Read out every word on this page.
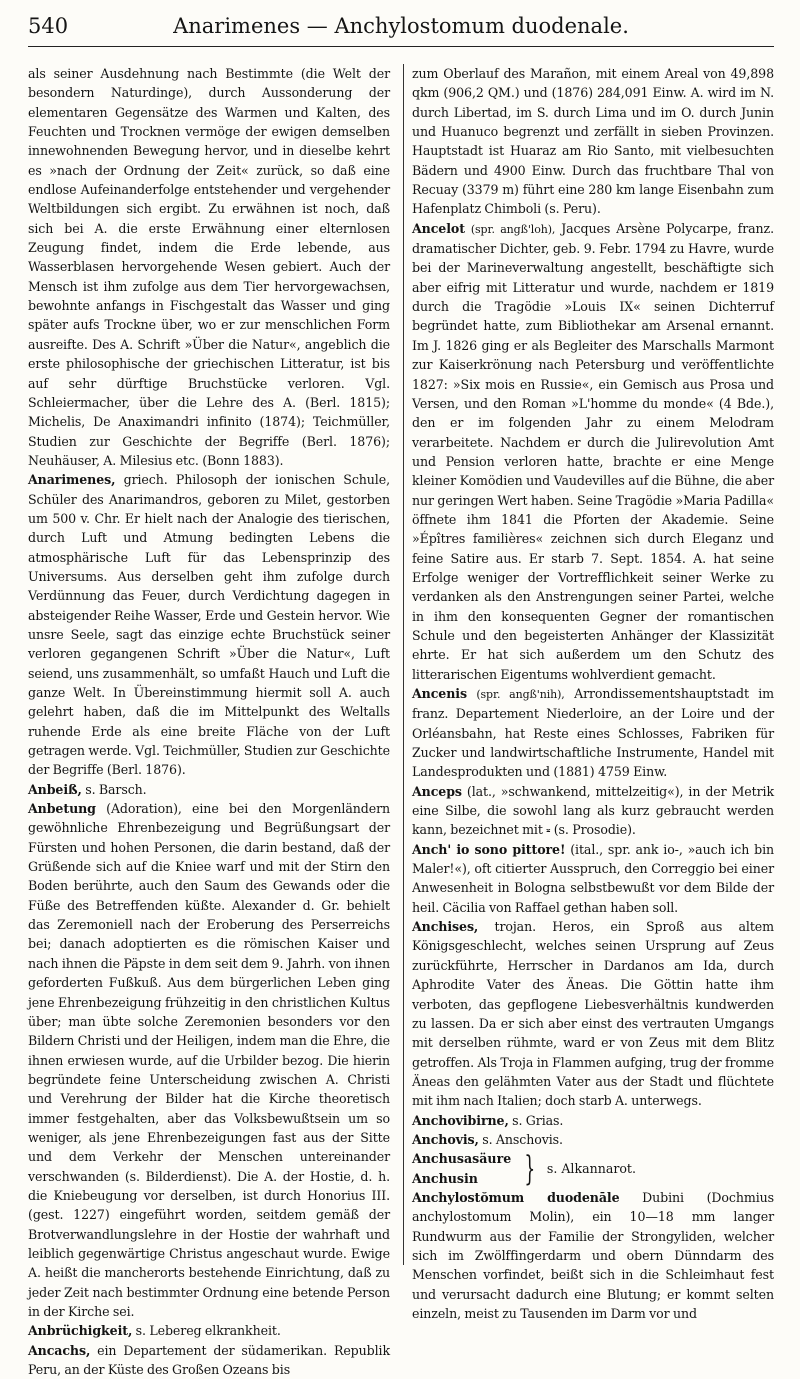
540	Anarimenes — Anchylostomum duodenale.

als seiner Ausdehnung nach Bestimmte (die Welt der besondern Naturdinge), durch Aussonderung der elementaren Gegensätze des Warmen und Kalten, des Feuchten und Trocknen vermöge der ewigen demselben innewohnenden Bewegung hervor, und in dieselbe kehrt es »nach der Ordnung der Zeit« zurück, so daß eine endlose Aufeinanderfolge entstehender und vergehender Weltbildungen sich ergibt. Zu erwähnen ist noch, daß sich bei A. die erste Erwähnung einer elternlosen Zeugung findet, indem die Erde lebende, aus Wasserblasen hervorgehende Wesen gebiert. Auch der Mensch ist ihm zufolge aus dem Tier hervorgewachsen, bewohnte anfangs in Fischgestalt das Wasser und ging später aufs Trockne über, wo er zur menschlichen Form ausreifte. Des A. Schrift »Über die Natur«, angeblich die erste philosophische der griechischen Litteratur, ist bis auf sehr dürftige Bruchstücke verloren. Vgl. Schleiermacher, über die Lehre des A. (Berl. 1815); Michelis, De Anaximandri infinito (1874); Teichmüller, Studien zur Geschichte der Begriffe (Berl. 1876); Neuhäuser, A. Milesius etc. (Bonn 1883).

Anarimenes, griech. Philosoph der ionischen Schule, Schüler des Anarimandros, geboren zu Milet, gestorben um 500 v. Chr. Er hielt nach der Analogie des tierischen, durch Luft und Atmung bedingten Lebens die atmosphärische Luft für das Lebensprinzip des Universums. Aus derselben geht ihm zufolge durch Verdünnung das Feuer, durch Verdichtung dagegen in absteigender Reihe Wasser, Erde und Gestein hervor. Wie unsre Seele, sagt das einzige echte Bruchstück seiner verloren gegangenen Schrift »Über die Natur«, Luft seiend, uns zusammenhält, so umfaßt Hauch und Luft die ganze Welt. In Übereinstimmung hiermit soll A. auch gelehrt haben, daß die im Mittelpunkt des Weltalls ruhende Erde als eine breite Fläche von der Luft getragen werde. Vgl. Teichmüller, Studien zur Geschichte der Begriffe (Berl. 1876).

Anbeiß, s. Barsch.

Anbetung (Adoration), eine bei den Morgenländern gewöhnliche Ehrenbezeigung und Begrüßungsart der Fürsten und hohen Personen, die darin bestand, daß der Grüßende sich auf die Kniee warf und mit der Stirn den Boden berührte, auch den Saum des Gewands oder die Füße des Betreffenden küßte. Alexander d. Gr. behielt das Zeremoniell nach der Eroberung des Perserreichs bei; danach adoptierten es die römischen Kaiser und nach ihnen die Päpste in dem seit dem 9. Jahrh. von ihnen geforderten Fußkuß. Aus dem bürgerlichen Leben ging jene Ehrenbezeigung frühzeitig in den christlichen Kultus über; man übte solche Zeremonien besonders vor den Bildern Christi und der Heiligen, indem man die Ehre, die ihnen erwiesen wurde, auf die Urbilder bezog. Die hierin begründete feine Unterscheidung zwischen A. Christi und Verehrung der Bilder hat die Kirche theoretisch immer festgehalten, aber das Volksbewußtsein um so weniger, als jene Ehrenbezeigungen fast aus der Sitte und dem Verkehr der Menschen untereinander verschwanden (s. Bilderdienst). Die A. der Hostie, d. h. die Kniebeugung vor derselben, ist durch Honorius III. (gest. 1227) eingeführt worden, seitdem gemäß der Brotverwandlungslehre in der Hostie der wahrhaft und leiblich gegenwärtige Christus angeschaut wurde. Ewige A. heißt die mancherorts bestehende Einrichtung, daß zu jeder Zeit nach bestimmter Ordnung eine betende Person in der Kirche sei.

Anbrüchigkeit, s. Lebereg elkrankheit.

Ancachs, ein Departement der südamerikan. Republik Peru, an der Küste des Großen Ozeans bis

zum Oberlauf des Marañon, mit einem Areal von 49,898 qkm (906,2 QM.) und (1876) 284,091 Einw. A. wird im N. durch Libertad, im S. durch Lima und im O. durch Junin und Huanuco begrenzt und zerfällt in sieben Provinzen. Hauptstadt ist Huaraz am Rio Santo, mit vielbesuchten Bädern und 4900 Einw. Durch das fruchtbare Thal von Recuay (3379 m) führt eine 280 km lange Eisenbahn zum Hafenplatz Chimboli (s. Peru).

Ancelot (spr. angß'loh), Jacques Arsène Polycarpe, franz. dramatischer Dichter, geb. 9. Febr. 1794 zu Havre, wurde bei der Marineverwaltung angestellt, beschäftigte sich aber eifrig mit Litteratur und wurde, nachdem er 1819 durch die Tragödie »Louis IX« seinen Dichterruf begründet hatte, zum Bibliothekar am Arsenal ernannt. Im J. 1826 ging er als Begleiter des Marschalls Marmont zur Kaiserkrönung nach Petersburg und veröffentlichte 1827: »Six mois en Russie«, ein Gemisch aus Prosa und Versen, und den Roman »L'homme du monde« (4 Bde.), den er im folgenden Jahr zu einem Melodram verarbeitete. Nachdem er durch die Julirevolution Amt und Pension verloren hatte, brachte er eine Menge kleiner Komödien und Vaudevilles auf die Bühne, die aber nur geringen Wert haben. Seine Tragödie »Maria Padilla« öffnete ihm 1841 die Pforten der Akademie. Seine »Épîtres familières« zeichnen sich durch Eleganz und feine Satire aus. Er starb 7. Sept. 1854. A. hat seine Erfolge weniger der Vortrefflichkeit seiner Werke zu verdanken als den Anstrengungen seiner Partei, welche in ihm den konsequenten Gegner der romantischen Schule und den begeisterten Anhänger der Klassizität ehrte. Er hat sich außerdem um den Schutz des litterarischen Eigentums wohlverdient gemacht.

Ancenis (spr. angß'nih), Arrondissementshauptstadt im franz. Departement Niederloire, an der Loire und der Orléansbahn, hat Reste eines Schlosses, Fabriken für Zucker und landwirtschaftliche Instrumente, Handel mit Landesprodukten und (1881) 4759 Einw.

Anceps (lat., »schwankend, mittelzeitig«), in der Metrik eine Silbe, die sowohl lang als kurz gebraucht werden kann, bezeichnet mit ⏓ (s. Prosodie).

Anch' io sono pittore! (ital., spr. ank io-, »auch ich bin Maler!«), oft citierter Ausspruch, den Correggio bei einer Anwesenheit in Bologna selbstbewußt vor dem Bilde der heil. Cäcilia von Raffael gethan haben soll.

Anchises, trojan. Heros, ein Sproß aus altem Königsgeschlecht, welches seinen Ursprung auf Zeus zurückführte, Herrscher in Dardanos am Ida, durch Aphrodite Vater des Äneas. Die Göttin hatte ihm verboten, das gepflogene Liebesverhältnis kundwerden zu lassen. Da er sich aber einst des vertrauten Umgangs mit derselben rühmte, ward er von Zeus mit dem Blitz getroffen. Als Troja in Flammen aufging, trug der fromme Äneas den gelähmten Vater aus der Stadt und flüchtete mit ihm nach Italien; doch starb A. unterwegs.

Anchovibirne, s. Grias.

Anchovis, s. Anschovis.

Anchusasäure
Anchusin	} s. Alkannarot.

Anchylostŏmum duodenāle Dubini (Dochmius anchylostomum Molin), ein 10—18 mm langer Rundwurm aus der Familie der Strongyliden, welcher sich im Zwölffingerdarm und obern Dünndarm des Menschen vorfindet, beißt sich in die Schleimhaut fest und verursacht dadurch eine Blutung; er kommt selten einzeln, meist zu Tausenden im Darm vor und
